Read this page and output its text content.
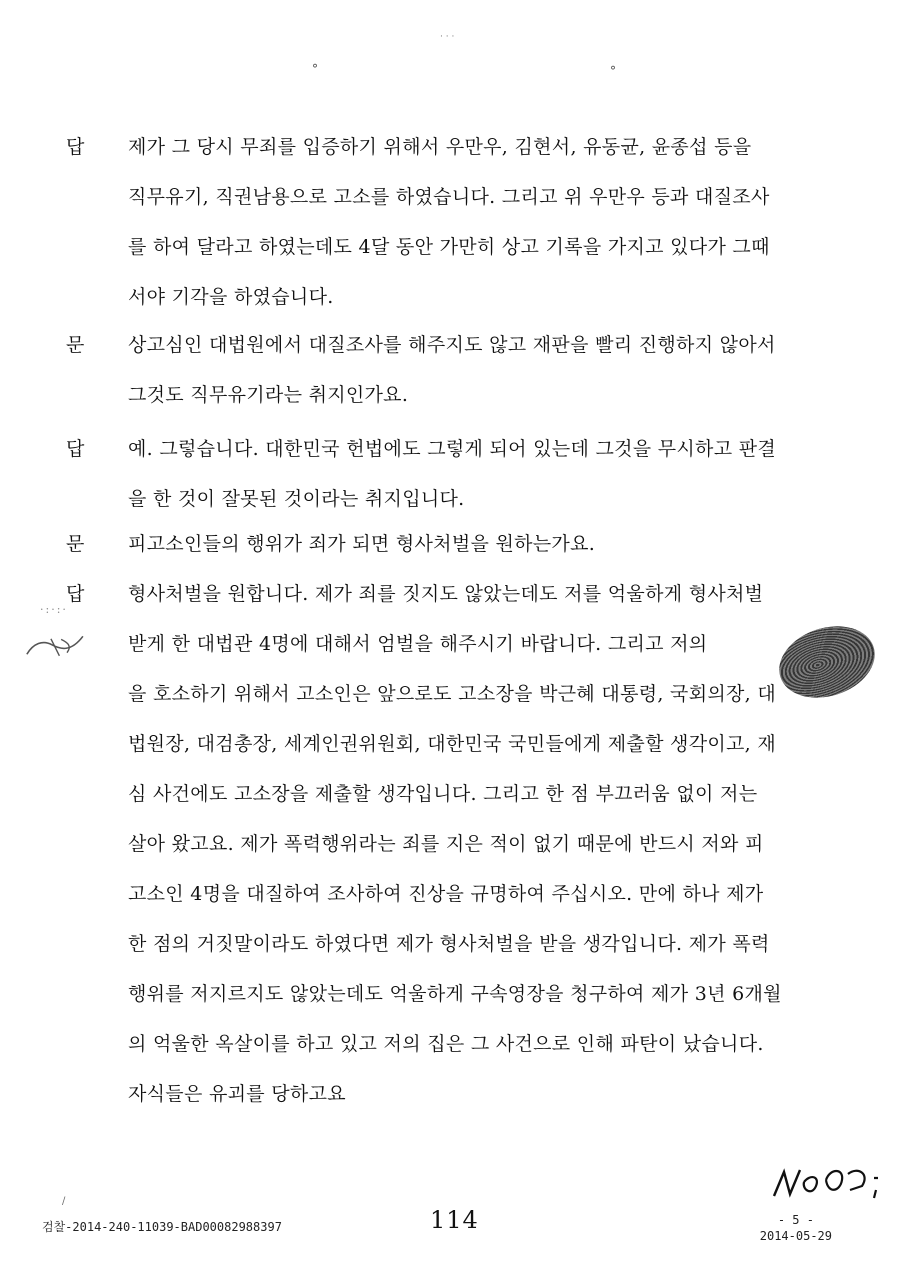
°	°
· · ·
답	제가 그 당시 무죄를 입증하기 위해서 우만우, 김현서, 유동균, 윤종섭 등을
직무유기, 직권남용으로 고소를 하였습니다. 그리고 위 우만우 등과 대질조사
를 하여 달라고 하였는데도 4달 동안 가만히 상고 기록을 가지고 있다가 그때
서야 기각을 하였습니다.
문	상고심인 대법원에서 대질조사를 해주지도 않고 재판을 빨리 진행하지 않아서
그것도 직무유기라는 취지인가요.
답	예. 그렇습니다. 대한민국 헌법에도 그렇게 되어 있는데 그것을 무시하고 판결
을 한 것이 잘못된 것이라는 취지입니다.
문	피고소인들의 행위가 죄가 되면 형사처벌을 원하는가요.
답	형사처벌을 원합니다. 제가 죄를 짓지도 않았는데도 저를 억울하게 형사처벌
받게 한 대법관 4명에 대해서 엄벌을 해주시기 바랍니다. 그리고 저의
을 호소하기 위해서 고소인은 앞으로도 고소장을 박근혜 대통령, 국회의장, 대
법원장, 대검총장, 세계인권위원회, 대한민국 국민들에게 제출할 생각이고, 재
심 사건에도 고소장을 제출할 생각입니다. 그리고 한 점 부끄러움 없이 저는
살아 왔고요. 제가 폭력행위라는 죄를 지은 적이 없기 때문에 반드시 저와 피
고소인 4명을 대질하여 조사하여 진상을 규명하여 주십시오. 만에 하나 제가
한 점의 거짓말이라도 하였다면 제가 형사처벌을 받을 생각입니다. 제가 폭력
행위를 저지르지도 않았는데도 억울하게 구속영장을 청구하여 제가 3년 6개월
의 억울한 옥살이를 하고 있고 저의 집은 그 사건으로 인해 파탄이 났습니다.
자식들은 유괴를 당하고요
·:·:·
/
검찰-2014-240-11039-BAD00082988397	114	- 5 -
2014-05-29
